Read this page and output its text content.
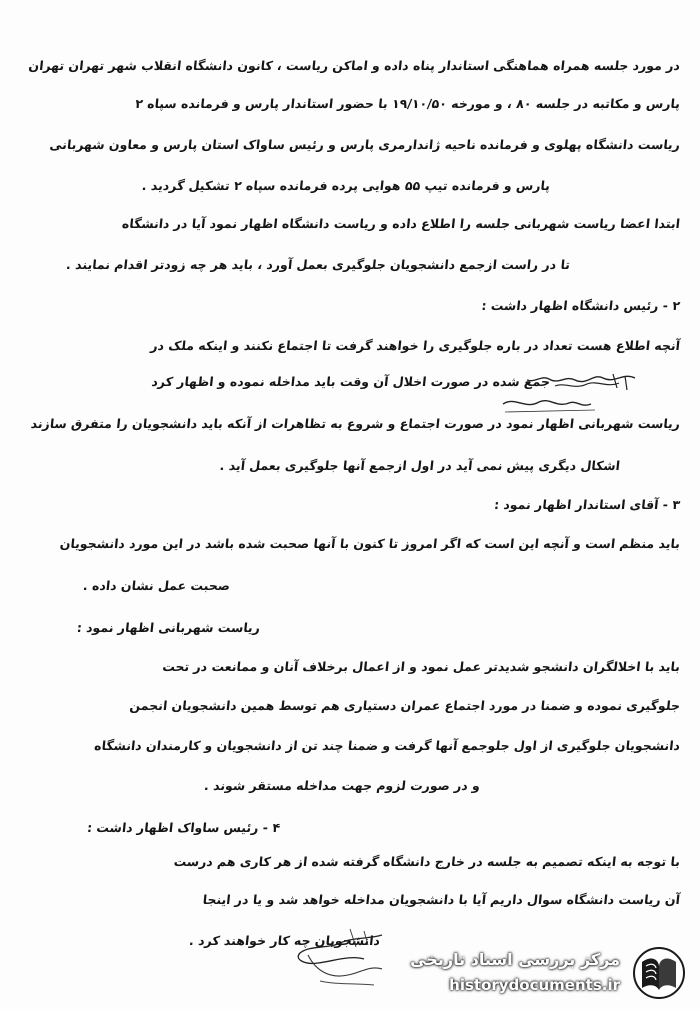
در مورد جلسه همراه هماهنگی استاندار پناه داده و اماکن ریاست ، کانون دانشگاه انقلاب شهر تهران تهران
پارس و مکاتبه در جلسه ۸۰ ، و مورخه ۱۹/۱۰/۵۰ با حضور استاندار پارس و فرمانده سپاه ۲
ریاست دانشگاه پهلوی و فرمانده ناحیه ژاندارمری پارس و رئیس ساواک استان پارس و معاون شهربانی
پارس و فرمانده تیپ ۵۵ هوایی پرده فرمانده سپاه ۲ تشکیل گردید .
ابتدا اعضا ریاست شهربانی جلسه را اطلاع داده و ریاست دانشگاه اظهار نمود آیا در دانشگاه
تا در راست ازجمع دانشجویان جلوگیری بعمل آورد ، باید هر چه زودتر اقدام نمایند .
۲ - رئیس دانشگاه اظهار داشت :
آنچه اطلاع هست تعداد در باره جلوگیری را خواهند گرفت تا اجتماع نکنند و اینکه ملک در
جمع شده در صورت اخلال آن وقت باید مداخله نموده و اظهار کرد
ریاست شهربانی اظهار نمود در صورت اجتماع و شروع به تظاهرات از آنکه باید دانشجویان را متفرق سازند
اشکال دیگری پیش نمی آید در اول ازجمع آنها جلوگیری بعمل آید .
۳ - آقای استاندار اظهار نمود :
باید منظم است و آنچه این است که اگر امروز تا کنون با آنها صحبت شده باشد در این مورد دانشجویان
صحبت عمل نشان داده .
ریاست شهربانی اظهار نمود :
باید با اخلالگران دانشجو شدیدتر عمل نمود و از اعمال برخلاف آنان و ممانعت در تحت
جلوگیری نموده و ضمنا در مورد اجتماع عمران دستیاری هم توسط همین دانشجویان انجمن
دانشجویان جلوگیری از اول جلوجمع آنها گرفت و ضمنا چند تن از دانشجویان و کارمندان دانشگاه
و در صورت لزوم جهت مداخله مستقر شوند .
۴ - رئیس ساواک اظهار داشت :
با توجه به اینکه تصمیم به جلسه در خارج دانشگاه گرفته شده از هر کاری هم درست
آن ریاست دانشگاه سوال داریم آیا با دانشجویان مداخله خواهد شد و یا در اینجا
دانشجویان چه کار خواهند کرد .
مرکز بررسی اسناد تاریخی
historydocuments.ir
